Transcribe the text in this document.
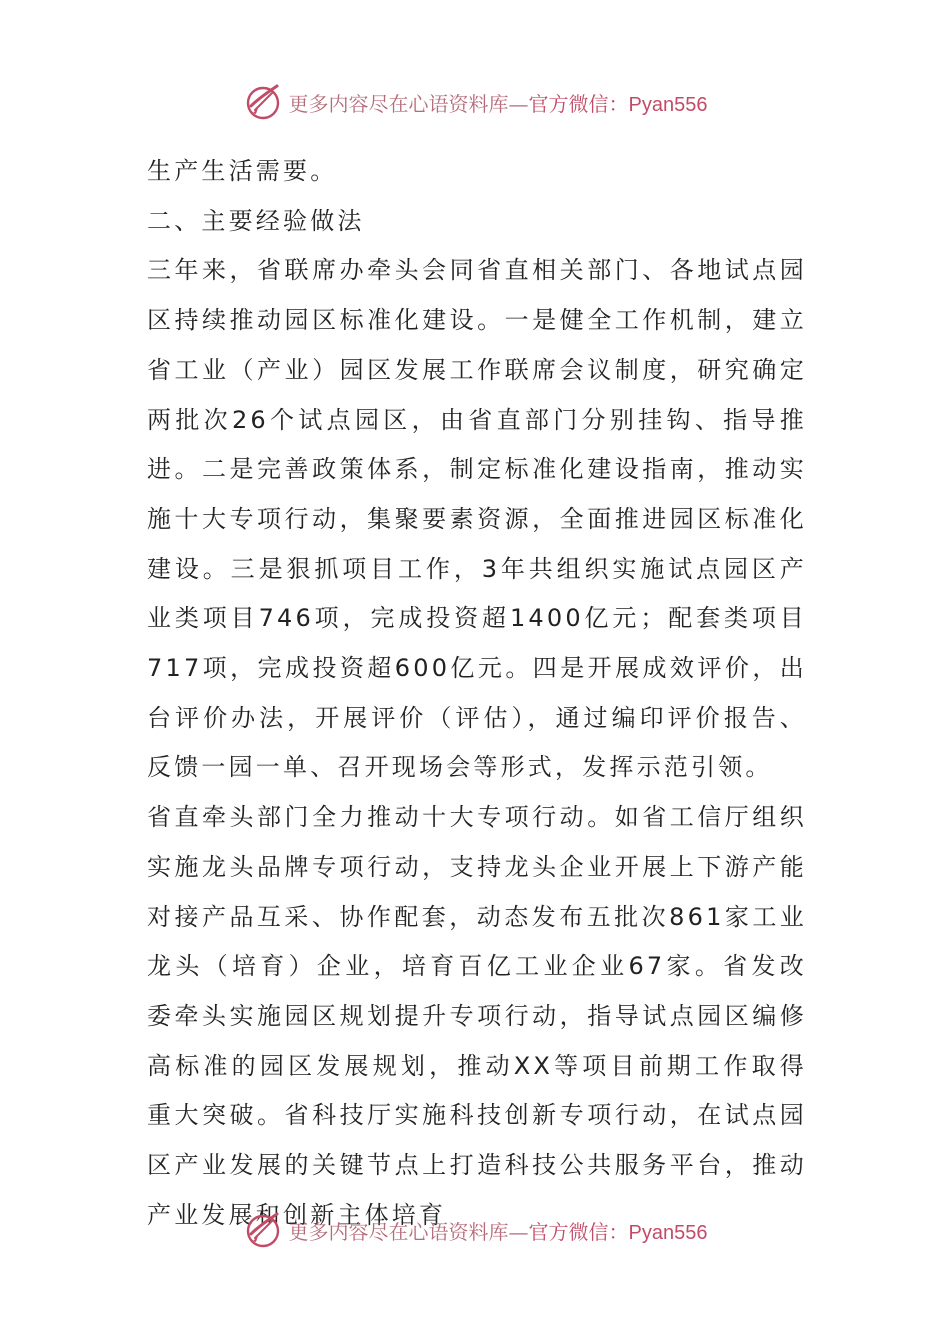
更多内容尽在心语资料库—官方微信：Pyan556

生产生活需要。

二、主要经验做法

三年来，省联席办牵头会同省直相关部门、各地试点园区持续推动园区标准化建设。一是健全工作机制，建立省工业（产业）园区发展工作联席会议制度，研究确定两批次26个试点园区，由省直部门分别挂钩、指导推进。二是完善政策体系，制定标准化建设指南，推动实施十大专项行动，集聚要素资源，全面推进园区标准化建设。三是狠抓项目工作，3年共组织实施试点园区产业类项目746项，完成投资超1400亿元；配套类项目717项，完成投资超600亿元。四是开展成效评价，出台评价办法，开展评价（评估），通过编印评价报告、反馈一园一单、召开现场会等形式，发挥示范引领。

省直牵头部门全力推动十大专项行动。如省工信厅组织实施龙头品牌专项行动，支持龙头企业开展上下游产能对接产品互采、协作配套，动态发布五批次861家工业龙头（培育）企业，培育百亿工业企业67家。省发改委牵头实施园区规划提升专项行动，指导试点园区编修高标准的园区发展规划，推动XX等项目前期工作取得重大突破。省科技厅实施科技创新专项行动，在试点园区产业发展的关键节点上打造科技公共服务平台，推动产业发展和创新主体培育

更多内容尽在心语资料库—官方微信：Pyan556
